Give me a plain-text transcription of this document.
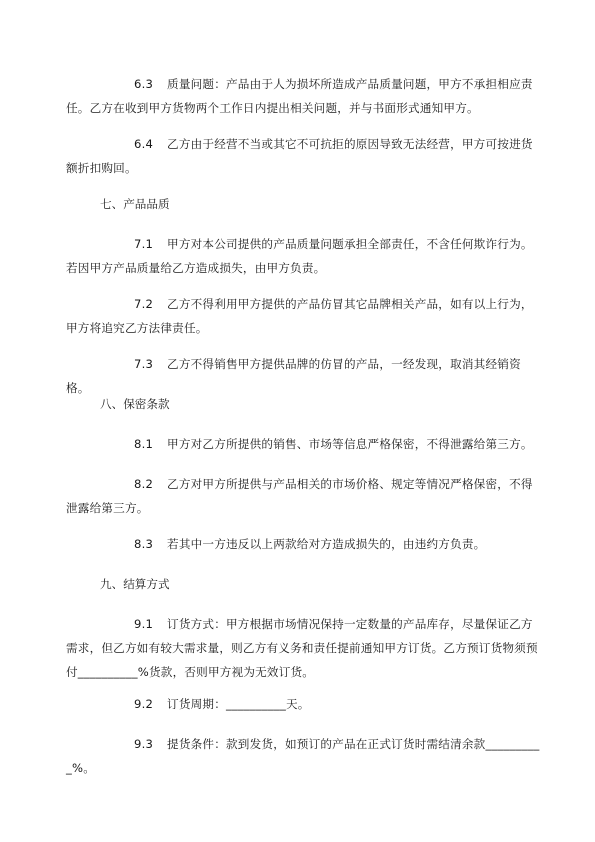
6.3 质量问题：产品由于人为损坏所造成产品质量问题，甲方不承担相应责任。乙方在收到甲方货物两个工作日内提出相关问题，并与书面形式通知甲方。

6.4 乙方由于经营不当或其它不可抗拒的原因导致无法经营，甲方可按进货额折扣购回。

七、产品品质

7.1 甲方对本公司提供的产品质量问题承担全部责任，不含任何欺诈行为。若因甲方产品质量给乙方造成损失，由甲方负责。

7.2 乙方不得利用甲方提供的产品仿冒其它品牌相关产品，如有以上行为，甲方将追究乙方法律责任。

7.3 乙方不得销售甲方提供品牌的仿冒的产品，一经发现，取消其经销资格。

八、保密条款

8.1 甲方对乙方所提供的销售、市场等信息严格保密，不得泄露给第三方。

8.2 乙方对甲方所提供与产品相关的市场价格、规定等情况严格保密，不得泄露给第三方。

8.3 若其中一方违反以上两款给对方造成损失的，由违约方负责。

九、结算方式

9.1 订货方式：甲方根据市场情况保持一定数量的产品库存，尽量保证乙方需求，但乙方如有较大需求量，则乙方有义务和责任提前通知甲方订货。乙方预订货物须预付__________%货款，否则甲方视为无效订货。

9.2 订货周期：__________天。

9.3 提货条件：款到发货，如预订的产品在正式订货时需结清余款__________%。
